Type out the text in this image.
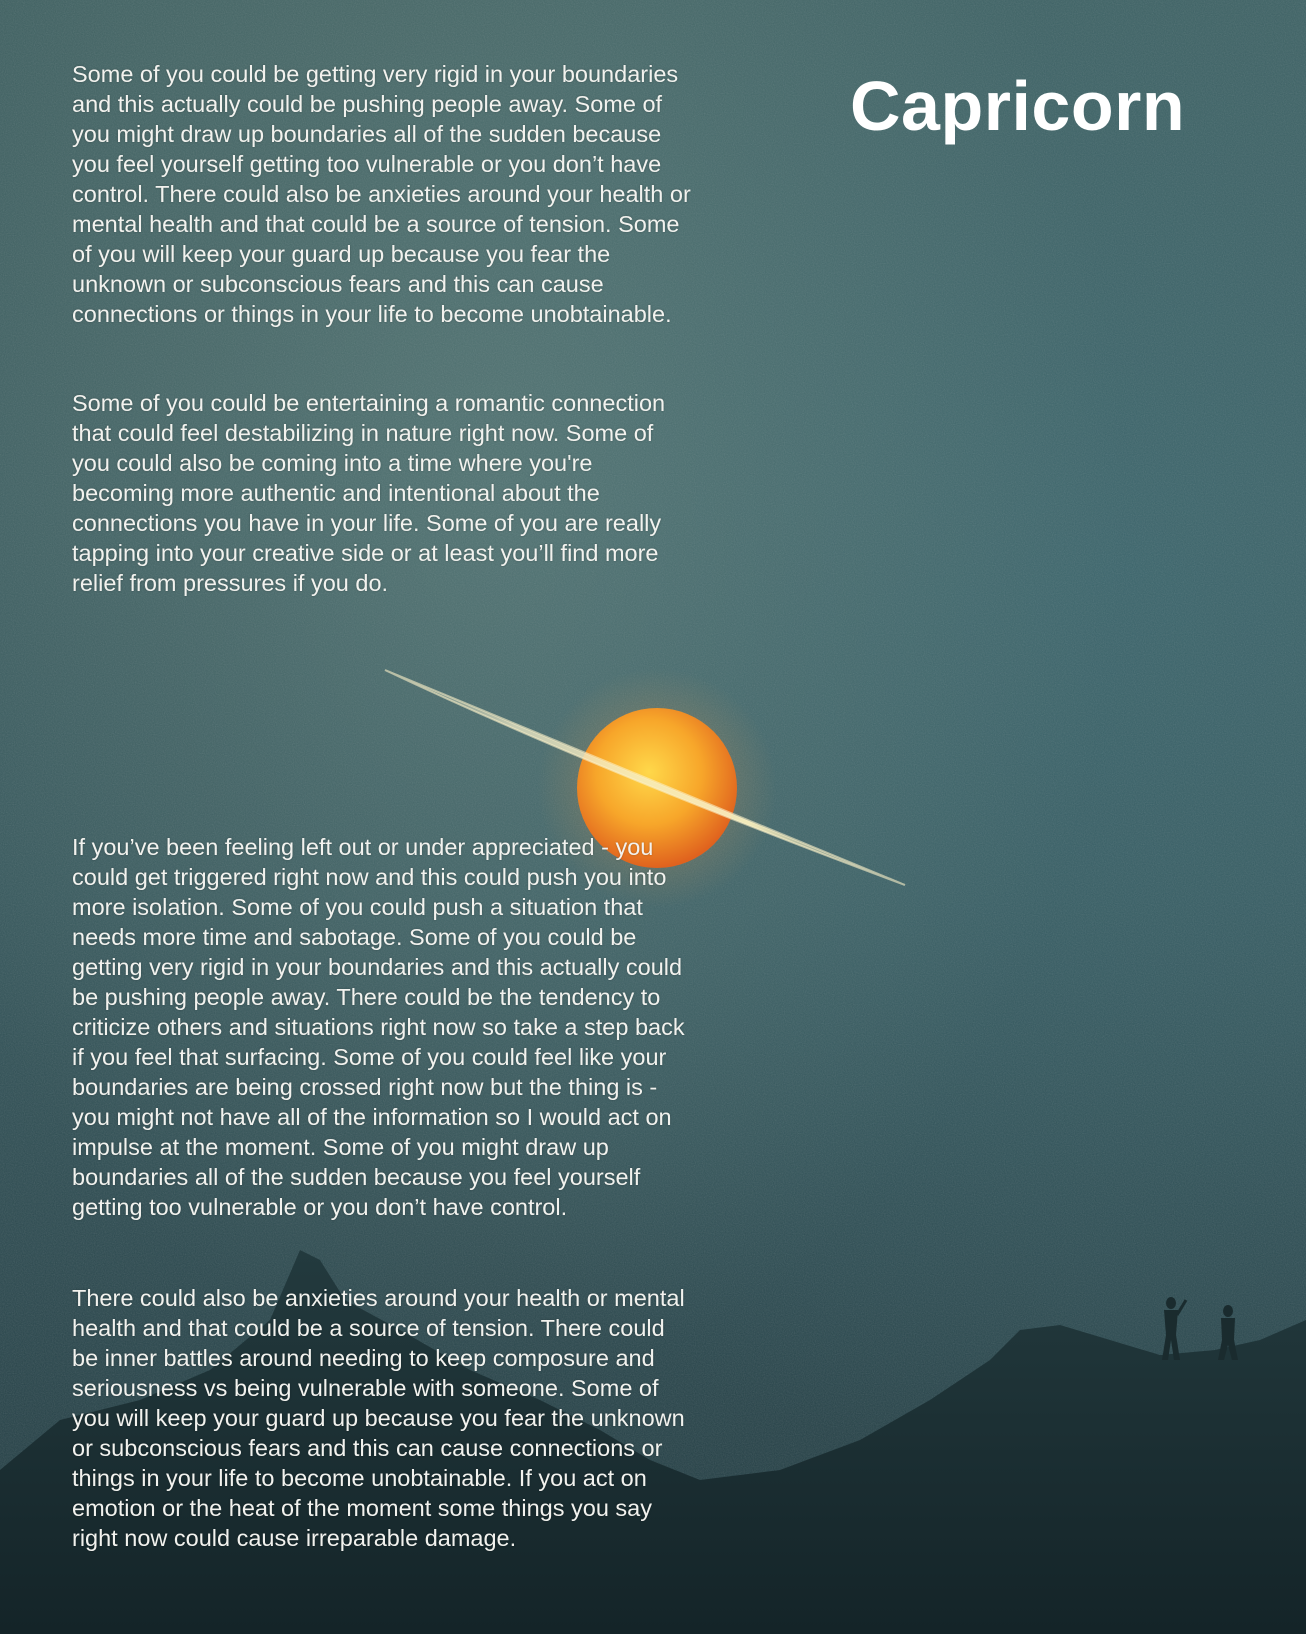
Capricorn

Some of you could be getting very rigid in your boundaries and this actually could be pushing people away. Some of you might draw up boundaries all of the sudden because you feel yourself getting too vulnerable or you don’t have control. There could also be anxieties around your health or mental health and that could be a source of tension. Some of you will keep your guard up because you fear the unknown or subconscious fears and this can cause connections or things in your life to become unobtainable.

Some of you could be entertaining a romantic connection that could feel destabilizing in nature right now. Some of you could also be coming into a time where you're becoming more authentic and intentional about the connections you have in your life. Some of you are really tapping into your creative side or at least you’ll find more relief from pressures if you do.

If you’ve been feeling left out or under appreciated - you could get triggered right now and this could push you into more isolation. Some of you could push a situation that needs more time and sabotage. Some of you could be getting very rigid in your boundaries and this actually could be pushing people away. There could be the tendency to criticize others and situations right now so take a step back if you feel that surfacing. Some of you could feel like your boundaries are being crossed right now but the thing is - you might not have all of the information so I would act on impulse at the moment. Some of you might draw up boundaries all of the sudden because you feel yourself getting too vulnerable or you don’t have control.

There could also be anxieties around your health or mental health and that could be a source of tension. There could be inner battles around needing to keep composure and seriousness vs being vulnerable with someone. Some of you will keep your guard up because you fear the unknown or subconscious fears and this can cause connections or things in your life to become unobtainable. If you act on emotion or the heat of the moment some things you say right now could cause irreparable damage.
